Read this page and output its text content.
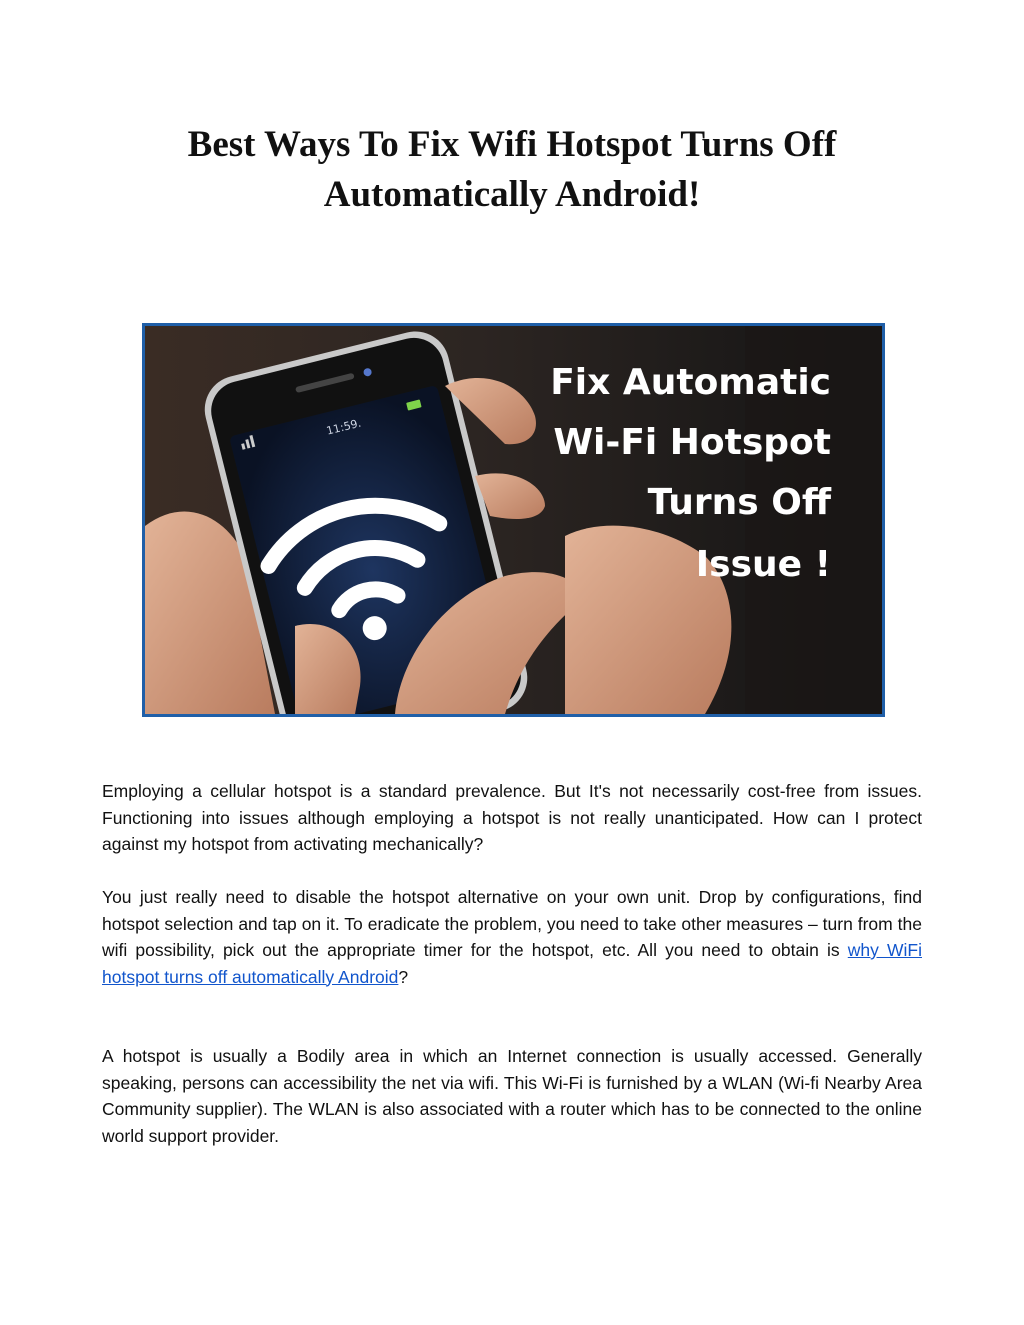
Best Ways To Fix Wifi Hotspot Turns Off
Automatically Android!
11:59.
Fix Automatic
Wi-Fi Hotspot
Turns Off
Issue !

Employing a cellular hotspot is a standard prevalence. But It's not necessarily cost-free from issues. Functioning into issues although employing a hotspot is not really unanticipated. How can I protect against my hotspot from activating mechanically?

You just really need to disable the hotspot alternative on your own unit. Drop by configurations, find hotspot selection and tap on it. To eradicate the problem, you need to take other measures – turn from the wifi possibility, pick out the appropriate timer for the hotspot, etc. All you need to obtain is why WiFi hotspot turns off automatically Android?

A hotspot is usually a Bodily area in which an Internet connection is usually accessed. Generally speaking, persons can accessibility the net via wifi. This Wi-Fi is furnished by a WLAN (Wi-fi Nearby Area Community supplier). The WLAN is also associated with a router which has to be connected to the online world support provider.
